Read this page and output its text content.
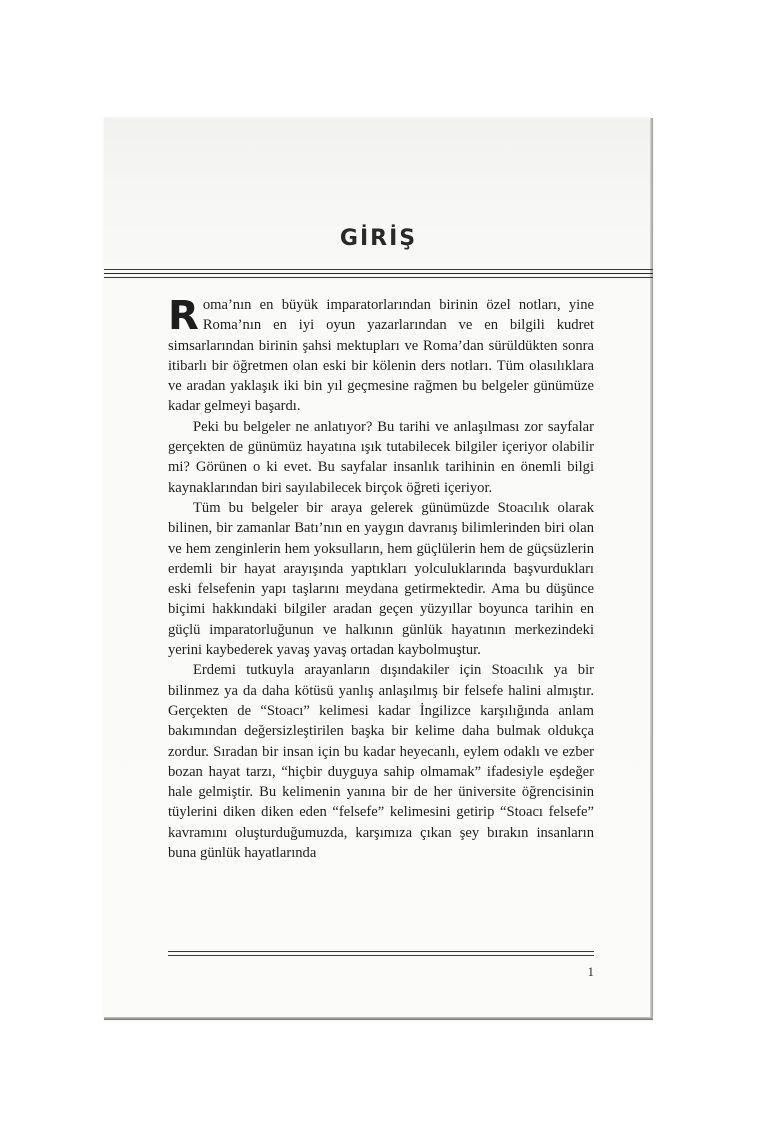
GİRİŞ

Roma’nın en büyük imparatorlarından birinin özel notları, yine Roma’nın en iyi oyun yazarlarından ve en bilgili kudret simsarlarından birinin şahsi mektupları ve Roma’dan sürüldükten sonra itibarlı bir öğretmen olan eski bir kölenin ders notları. Tüm olasılıklara ve aradan yaklaşık iki bin yıl geçmesine rağmen bu belgeler günümüze kadar gelmeyi başardı.

Peki bu belgeler ne anlatıyor? Bu tarihi ve anlaşılması zor sayfalar gerçekten de günümüz hayatına ışık tutabilecek bilgiler içeriyor olabilir mi? Görünen o ki evet. Bu sayfalar insanlık tarihinin en önemli bilgi kaynaklarından biri sayılabilecek birçok öğreti içeriyor.

Tüm bu belgeler bir araya gelerek günümüzde Stoacılık olarak bilinen, bir zamanlar Batı’nın en yaygın davranış bilimlerinden biri olan ve hem zenginlerin hem yoksulların, hem güçlülerin hem de güçsüzlerin erdemli bir hayat arayışında yaptıkları yolculuklarında başvurdukları eski felsefenin yapı taşlarını meydana getirmektedir. Ama bu düşünce biçimi hakkındaki bilgiler aradan geçen yüzyıllar boyunca tarihin en güçlü imparatorluğunun ve halkının günlük hayatının merkezindeki yerini kaybederek yavaş yavaş ortadan kaybolmuştur.

Erdemi tutkuyla arayanların dışındakiler için Stoacılık ya bir bilinmez ya da daha kötüsü yanlış anlaşılmış bir felsefe halini almıştır. Gerçekten de “Stoacı” kelimesi kadar İngilizce karşılığında anlam bakımından değersizleştirilen başka bir kelime daha bulmak oldukça zordur. Sıradan bir insan için bu kadar heyecanlı, eylem odaklı ve ezber bozan hayat tarzı, “hiçbir duyguya sahip olmamak” ifadesiyle eşdeğer hale gelmiştir. Bu kelimenin yanına bir de her üniversite öğrencisinin tüylerini diken diken eden “felsefe” kelimesini getirip “Stoacı felsefe” kavramını oluşturduğumuzda, karşımıza çıkan şey bırakın insanların buna günlük hayatlarında

1
